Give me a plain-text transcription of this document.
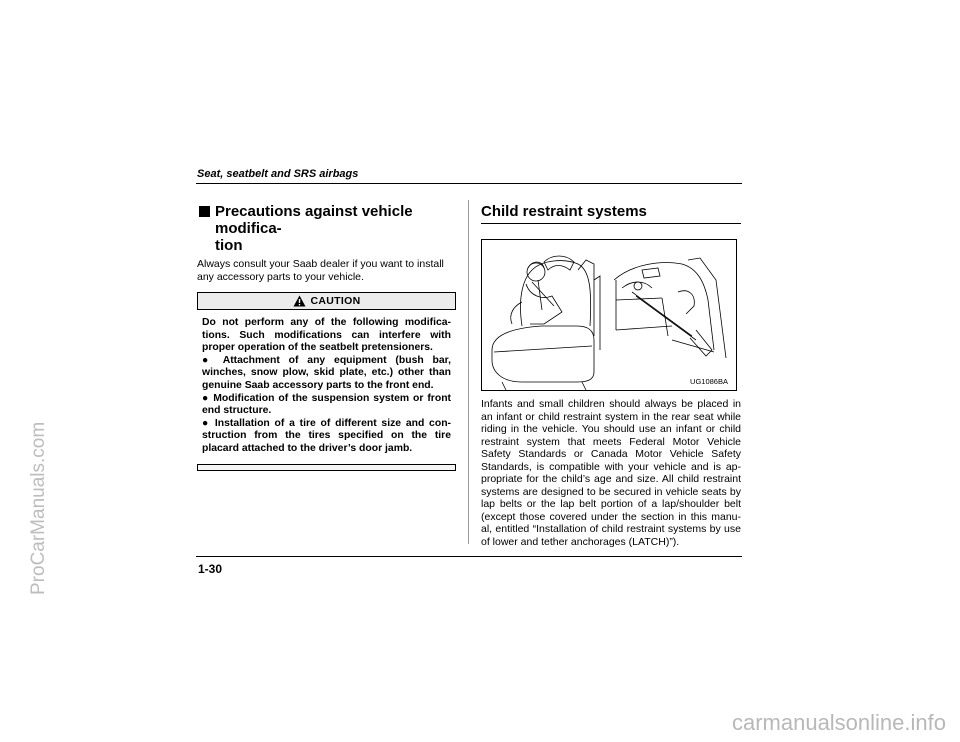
ProCarManuals.com
Seat, seatbelt and SRS airbags
Precautions against vehicle modifica-
tion

Always consult your Saab dealer if you want to install any accessory parts to your vehicle.

CAUTION

Do not perform any of the following modifica-tions. Such modifications can interfere with proper operation of the seatbelt pretensioners.

● Attachment of any equipment (bush bar, winches, snow plow, skid plate, etc.) other than genuine Saab accessory parts to the front end.

● Modification of the suspension system or front end structure.

● Installation of a tire of different size and con-struction from the tires specified on the tire placard attached to the driver’s door jamb.

Child restraint systems
UG1086BA

Infants and small children should always be placed in an infant or child restraint system in the rear seat while riding in the vehicle. You should use an infant or child restraint system that meets Federal Motor Vehicle Safety Standards or Canada Motor Vehicle Safety Standards, is compatible with your vehicle and is ap-propriate for the child’s age and size. All child restraint systems are designed to be secured in vehicle seats by lap belts or the lap belt portion of a lap/shoulder belt (except those covered under the section in this manu-al, entitled “Installation of child restraint systems by use of lower and tether anchorages (LATCH)”).

1-30
carmanualsonline.info
